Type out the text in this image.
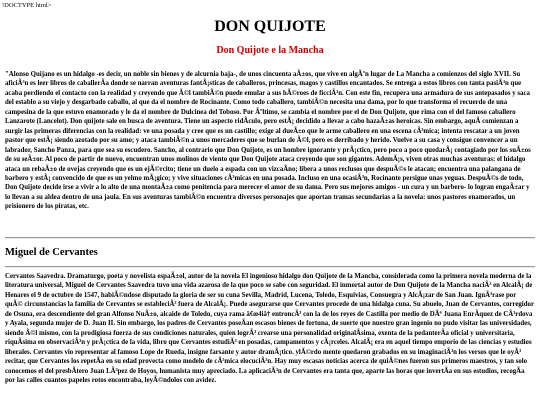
!DOCTYPE html>
DON QUIJOTE
Don Quijote e la Mancha

"Alonso Quijano es un hidalgo -es decir, un noble sin bienes y de alcurnia baja-, de unos cincuenta aÃ±os, que vive en algÃºn lugar de La Mancha a comienzos del siglo XVII. Su aficiÃ³n es leer libros de caballerÃa donde se narran aventuras fantÃ¡sticas de caballeros, princesas, magos y castillos encantados. Se entrega a estos libros con tanta pasiÃ³n que acaba perdiendo el contacto con la realidad y creyendo que Ã©l tambiÃ©n puede emular a sus hÃ©roes de ficciÃ³n. Con este fin, recupera una armadura de sus antepasados y saca del establo a su viejo y desgarbado caballo, al que da el nombre de Rocinante. Como todo caballero, tambiÃ©n necesita una dama, por lo que transforma el recuerdo de una campesina de la que estuvo enamorado y le da el nombre de Dulcinea del Toboso. Por Ãºltimo, se cambia el nombre por el de Don Quijote, que rima con el del famoso caballero Lanzarote (Lancelot). Don quijote sale en busca de aventura. Tiene un aspecto ridÃculo, pero estÃ¡ decidido a llevar a cabo hazaÃ±as heroicas. Sin embargo, aquÃ comienzan a surgir las primeras diferencias con la realidad: ve una posada y cree que es un castillo; exige al dueÃ±o que le arme caballero en una escena cÃ³mica; intenta rescatar a un joven pastor que estÃ¡ siendo azotado por su amo; y ataca tambiÃ©n a unos mercaderes que se burlan de Ã©l, pero es derribado y herido. Vuelve a su casa y consigue convencer a un labrador, Sancho Panza, para que sea su escudero. Sancho, al contrario que Don Quijote, es un hombre ignorante y prÃ¡ctico, pero poco a poco quedarÃ¡ contagiado por los suÃ±os de su seÃ±or. Al poco de partir de nuevo, encuentran unos molinos de viento que Don Quijote ataca creyendo que son gigantes. AdemÃ¡s, viven otras muchas aventuras: el hidalgo ataca un rebaÃ±o de ovejas creyendo que es un ejÃ©rcito; tiene un duelo a espada con un vizcaÃno; libera a unos reclusos que despuÃ©s le atacan; encuentra una palangana de barbero y estÃ¡ convencido de que es un yelmo mÃ¡gico; y vive situaciones cÃ³micas en una posada. Incluso en una ocasiÃ³n, Rocinante persigue unas yeguas. DespuÃ©s de todo, Don Quijote decide irse a vivir a lo alto de una montaÃ±a como penitencia para merecer el amor de su dama. Pero sus mejores amigos - un cura y un barbero- lo logran engaÃ±ar y lo llevan a su aldea dentro de una jaula. En sus aventuras tambiÃ©n encuentra diversos personajes que aportan tramas secundarias a la novela: unos pastores enamorados, un prisionero de los piratas, etc.

Miguel de Cervantes

Cervantes Saavedra. Dramaturgo, poeta y novelista espaÃ±ol, autor de la novela El ingenioso hidalgo don Quijote de la Mancha, considerada como la primera novela moderna de la literatura universal, Miguel de Cervantes Saavedra tuvo una vida azarosa de la que poco se sabe con seguridad. El inmortal autor de Don Quijote de la Mancha naciÃ³ en AlcalÃ¡ de Henares el 9 de octubre de 1547, habiÃ©ndose disputado la gloria de ser su cuna Sevilla, Madrid, Lucena, Toledo, Esquivias, Consuegra y AlcÃ¡zar de San Juan. IgnÃ³rase por quÃ© circunstancias la familia de Cervantes se estableciÃ³ fuera de AlcalÃ¡. Puede asegurarse que Cervantes procede de una hidalga cuna. Su abuelo, Juan de Cervantes, corregidor de Osuna, era descendiente del gran Alfonso NuÃ±o, alcaide de Toledo, cuya rama â€œ4iâ† entroncÃ³ con la de los reyes de Castilla por medio de DÂª Juana EnrÃquez de CÃ³rdova y Ayala, segunda mujer de D. Juan II. Sin embargo, los padres de Cervantes poseÃan escasos bienes de fortuna, de suerte que nuestro gran ingenio no pudo visitar las universidades, siendo Ã©l mismo, con la prodigiosa fuerza de sus condiciones naturales, quien logrÃ³ crearse una personalidad originalÃsima, exenta de la pedanterÃa oficial y universitaria, riquÃsima en observaciÃ³n y prÃ¡ctica de la vida, libro que Cervantes estudiÃ³ en posadas, campamentos y cÃ¡rceles. AlcalÃ¡ era en aquel tiempo emporio de las ciencias y estudios liberales. Cervantes vio representar al famoso Lope de Rueda, insigne farsante y autor dramÃ¡tico. ylÃ©rdo mente quedaron grabados en su imaginaciÃ³n los versos que le oyÃ³ recitar, que Cervantes los repetÃa en su edad provecta como modelo de cÃ³mica elocuciÃ³n. Hay muy escasas noticias acerca de quiÃ©nes fueron sus primeros maestros, y tan solo conocemos el del presbÃtero Juan LÃ³pez de Hoyos, humanista muy apreciado. La aplicaciÃ³n de Cervantes era tanta que, aparte las horas que invertÃa en sus estudios, recogÃa por las calles cuantos papeles rotos encontraba, leyÃ©ndolos con avidez.
